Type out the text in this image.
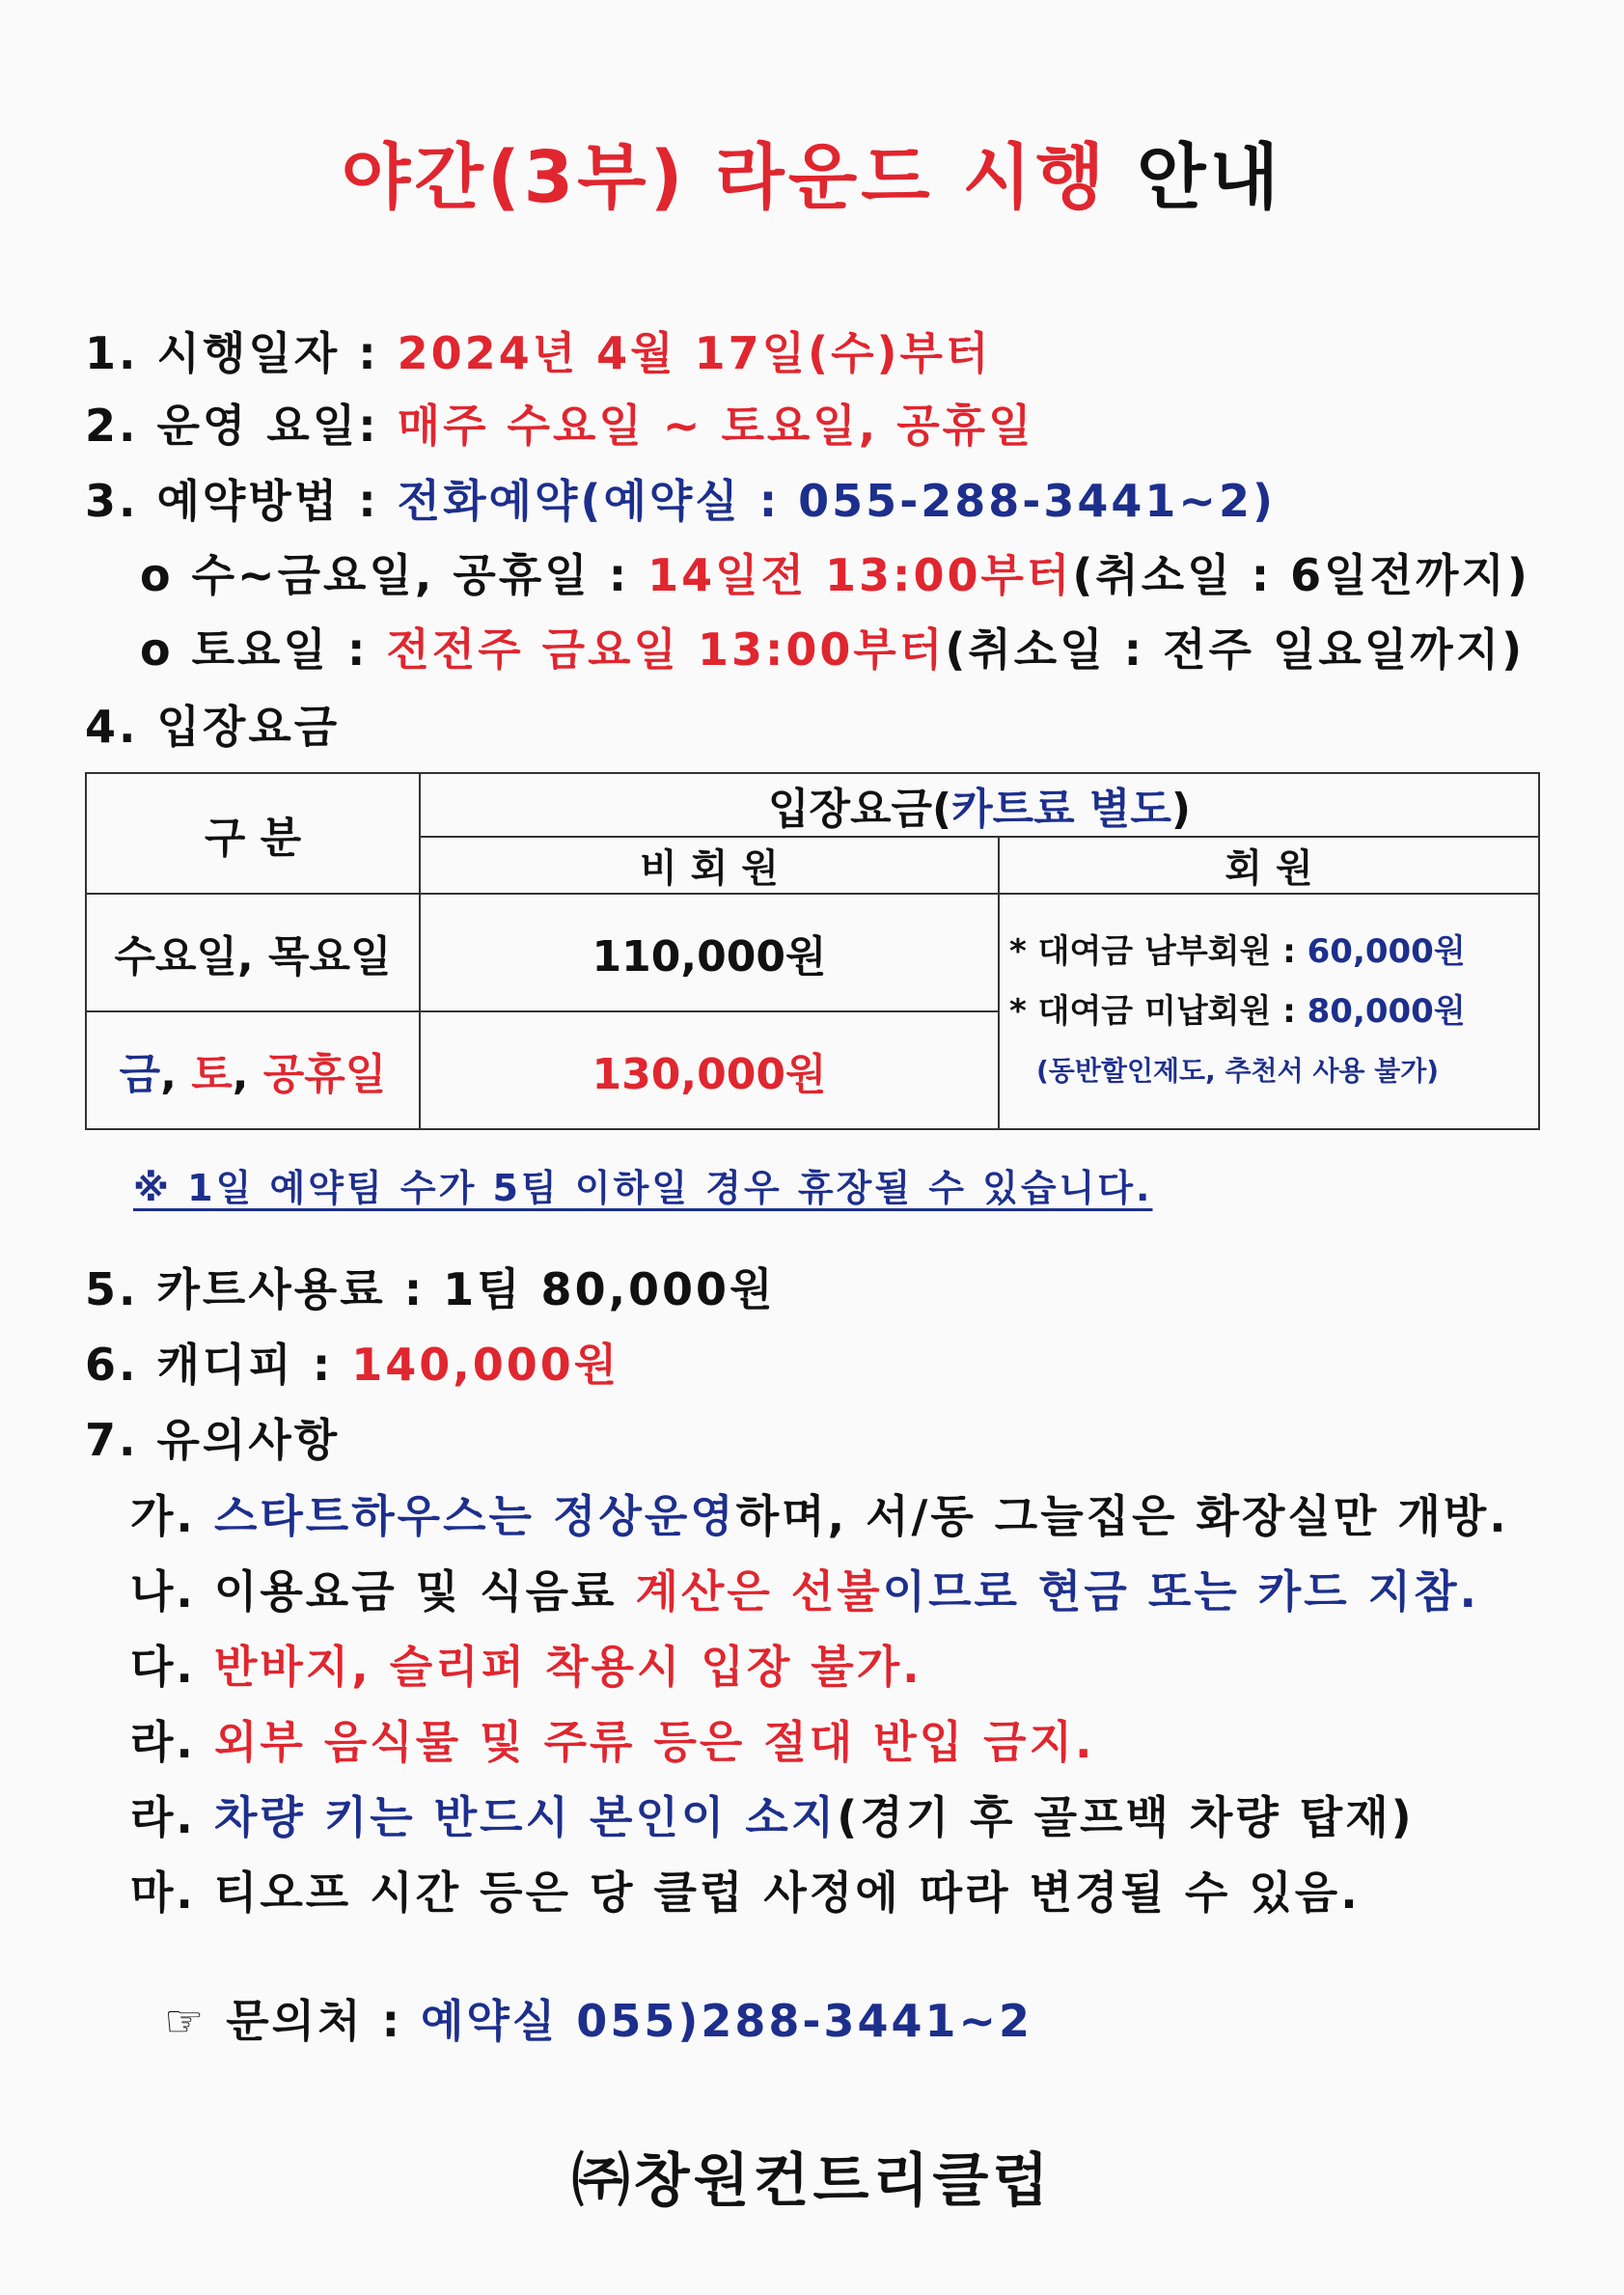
야간(3부) 라운드 시행 안내
1. 시행일자 : 2024년 4월 17일(수)부터
2. 운영 요일: 매주 수요일 ~ 토요일, 공휴일
3. 예약방법 : 전화예약(예약실 : 055-288-3441~2)
o 수~금요일, 공휴일 : 14일전 13:00부터(취소일 : 6일전까지)
o 토요일 : 전전주 금요일 13:00부터(취소일 : 전주 일요일까지)
4. 입장요금
구 분	입장요금(카트료 별도)	
	비 회 원	회 원
수요일, 목요일	110,000원	* 대여금 남부회원 : 60,000원
* 대여금 미납회원 : 80,000원
(동반할인제도, 추천서 사용 불가)

금, 토, 공휴일	130,000원	
※ 1일 예약팀 수가 5팀 이하일 경우 휴장될 수 있습니다.
5. 카트사용료 : 1팀 80,000원
6. 캐디피 : 140,000원
7. 유의사항
가. 스타트하우스는 정상운영하며, 서/동 그늘집은 화장실만 개방.
나. 이용요금 및 식음료 계산은 선불이므로 현금 또는 카드 지참.
다. 반바지, 슬리퍼 착용시 입장 불가.
라. 외부 음식물 및 주류 등은 절대 반입 금지.
라. 차량 키는 반드시 본인이 소지(경기 후 골프백 차량 탑재)
마. 티오프 시간 등은 당 클럽 사정에 따라 변경될 수 있음.
☞ 문의처 : 예약실 055)288-3441~2
㈜창원컨트리클럽
